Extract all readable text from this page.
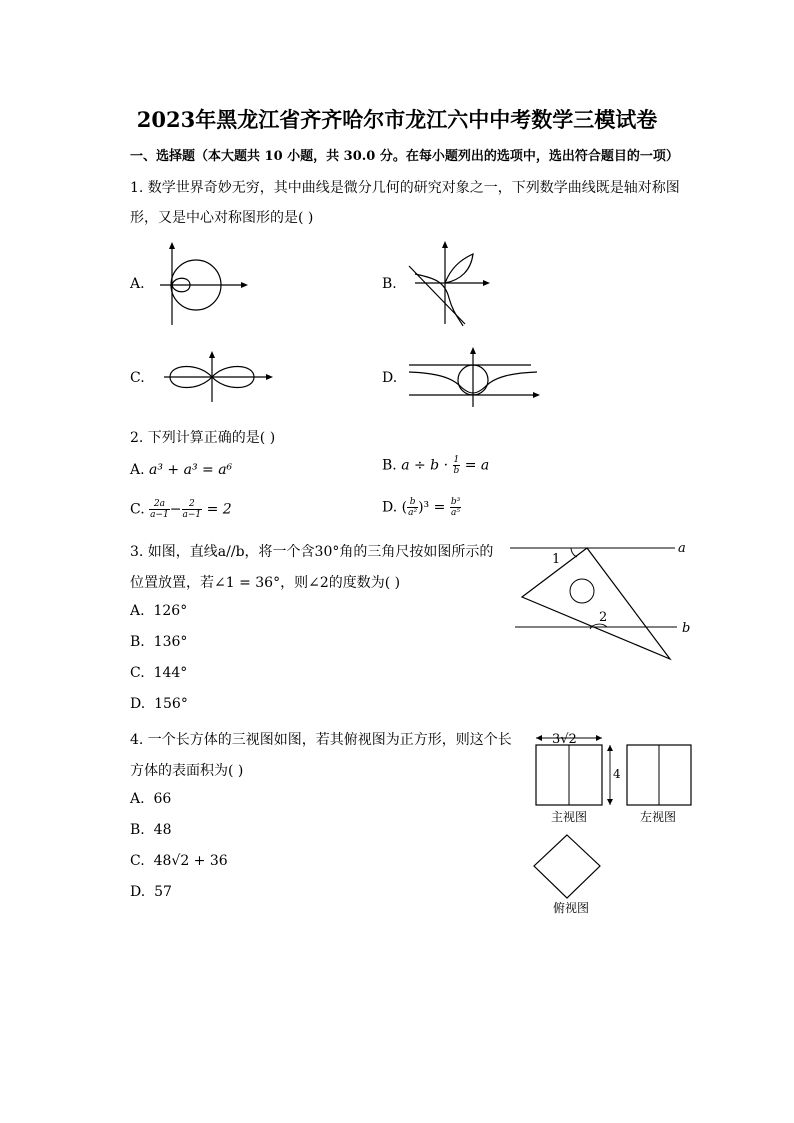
2023年黑龙江省齐齐哈尔市龙江六中中考数学三模试卷
一、选择题（本大题共 10 小题，共 30.0 分。在每小题列出的选项中，选出符合题目的一项）
1. 数学世界奇妙无穷，其中曲线是微分几何的研究对象之一，下列数学曲线既是轴对称图
形，又是中心对称图形的是( )
A.	B.
C.	D.
2. 下列计算正确的是( )
A. a³ + a³ = a⁶	B. $a \div b \cdot \frac{1}{b} = a$
C. $\frac{2a}{a-1} - \frac{2}{a-1} = 2$	D. ( $\frac{b}{\text{a²}} )^3 = \frac{\text{b³}}{\text{a⁵}}$
3. 如图，直线a//b，将一个含30°角的三角尺按如图所示的
位置放置，若∠1 = 36°，则∠2的度数为( )
A. 126°
B. 136°
C. 144°
D. 156°
1
2
a
b
4. 一个长方体的三视图如图，若其俯视图为正方形，则这个长
方体的表面积为( )
A. 66
B. 48
C. 48√2 + 36
D. 57
3√2
4
主视图	左视图
俯视图
